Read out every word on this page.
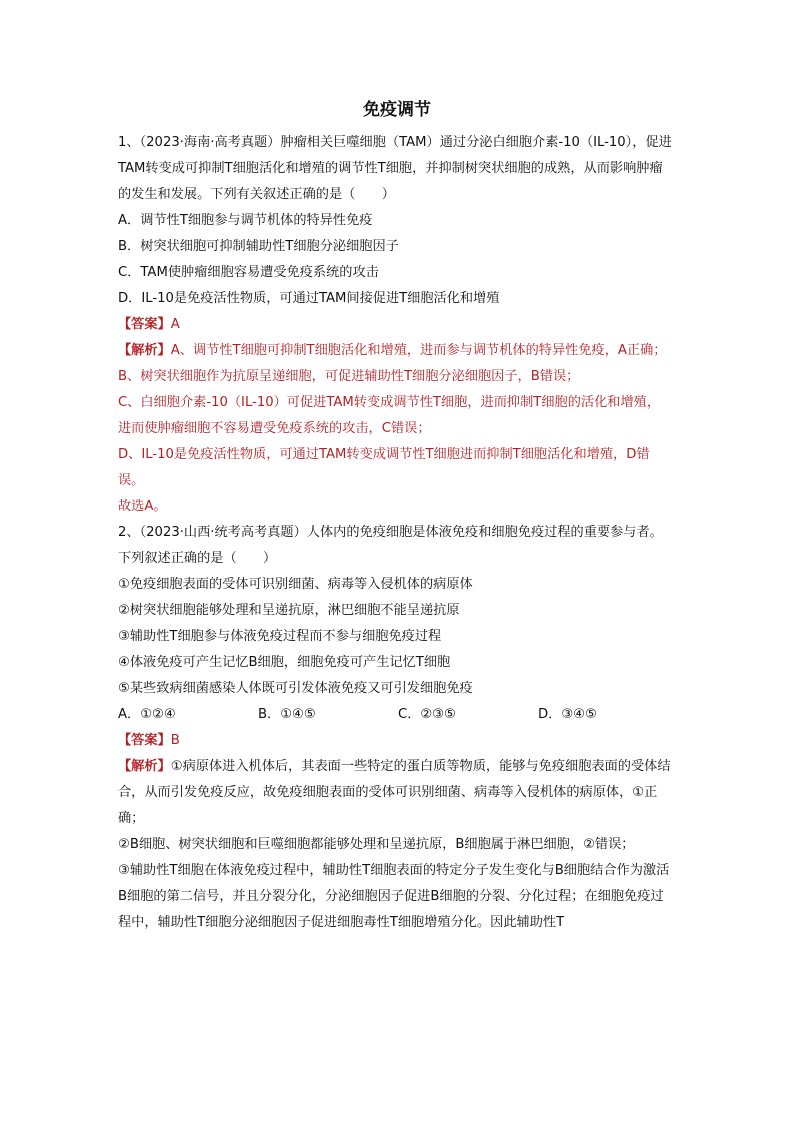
免疫调节

1、（2023·海南·高考真题）肿瘤相关巨噬细胞（TAM）通过分泌白细胞介素-10（IL-10），促进TAM转变成可抑制T细胞活化和增殖的调节性T细胞，并抑制树突状细胞的成熟，从而影响肿瘤的发生和发展。下列有关叙述正确的是（　　）

A．调节性T细胞参与调节机体的特异性免疫

B．树突状细胞可抑制辅助性T细胞分泌细胞因子

C．TAM使肿瘤细胞容易遭受免疫系统的攻击

D．IL-10是免疫活性物质，可通过TAM间接促进T细胞活化和增殖

【答案】A

【解析】A、调节性T细胞可抑制T细胞活化和增殖，进而参与调节机体的特异性免疫，A正确；

B、树突状细胞作为抗原呈递细胞，可促进辅助性T细胞分泌细胞因子，B错误；

C、白细胞介素-10（IL-10）可促进TAM转变成调节性T细胞，进而抑制T细胞的活化和增殖，进而使肿瘤细胞不容易遭受免疫系统的攻击，C错误；

D、IL-10是免疫活性物质，可通过TAM转变成调节性T细胞进而抑制T细胞活化和增殖，D错误。

故选A。

2、（2023·山西·统考高考真题）人体内的免疫细胞是体液免疫和细胞免疫过程的重要参与者。下列叙述正确的是（　　）

①免疫细胞表面的受体可识别细菌、病毒等入侵机体的病原体

②树突状细胞能够处理和呈递抗原，淋巴细胞不能呈递抗原

③辅助性T细胞参与体液免疫过程而不参与细胞免疫过程

④体液免疫可产生记忆B细胞，细胞免疫可产生记忆T细胞

⑤某些致病细菌感染人体既可引发体液免疫又可引发细胞免疫

A．①②④	B．①④⑤	C．②③⑤	D．③④⑤

【答案】B

【解析】①病原体进入机体后，其表面一些特定的蛋白质等物质，能够与免疫细胞表面的受体结合，从而引发免疫反应，故免疫细胞表面的受体可识别细菌、病毒等入侵机体的病原体，①正确；

②B细胞、树突状细胞和巨噬细胞都能够处理和呈递抗原，B细胞属于淋巴细胞，②错误；

③辅助性T细胞在体液免疫过程中，辅助性T细胞表面的特定分子发生变化与B细胞结合作为激活B细胞的第二信号，并且分裂分化，分泌细胞因子促进B细胞的分裂、分化过程；在细胞免疫过程中，辅助性T细胞分泌细胞因子促进细胞毒性T细胞增殖分化。因此辅助性T
